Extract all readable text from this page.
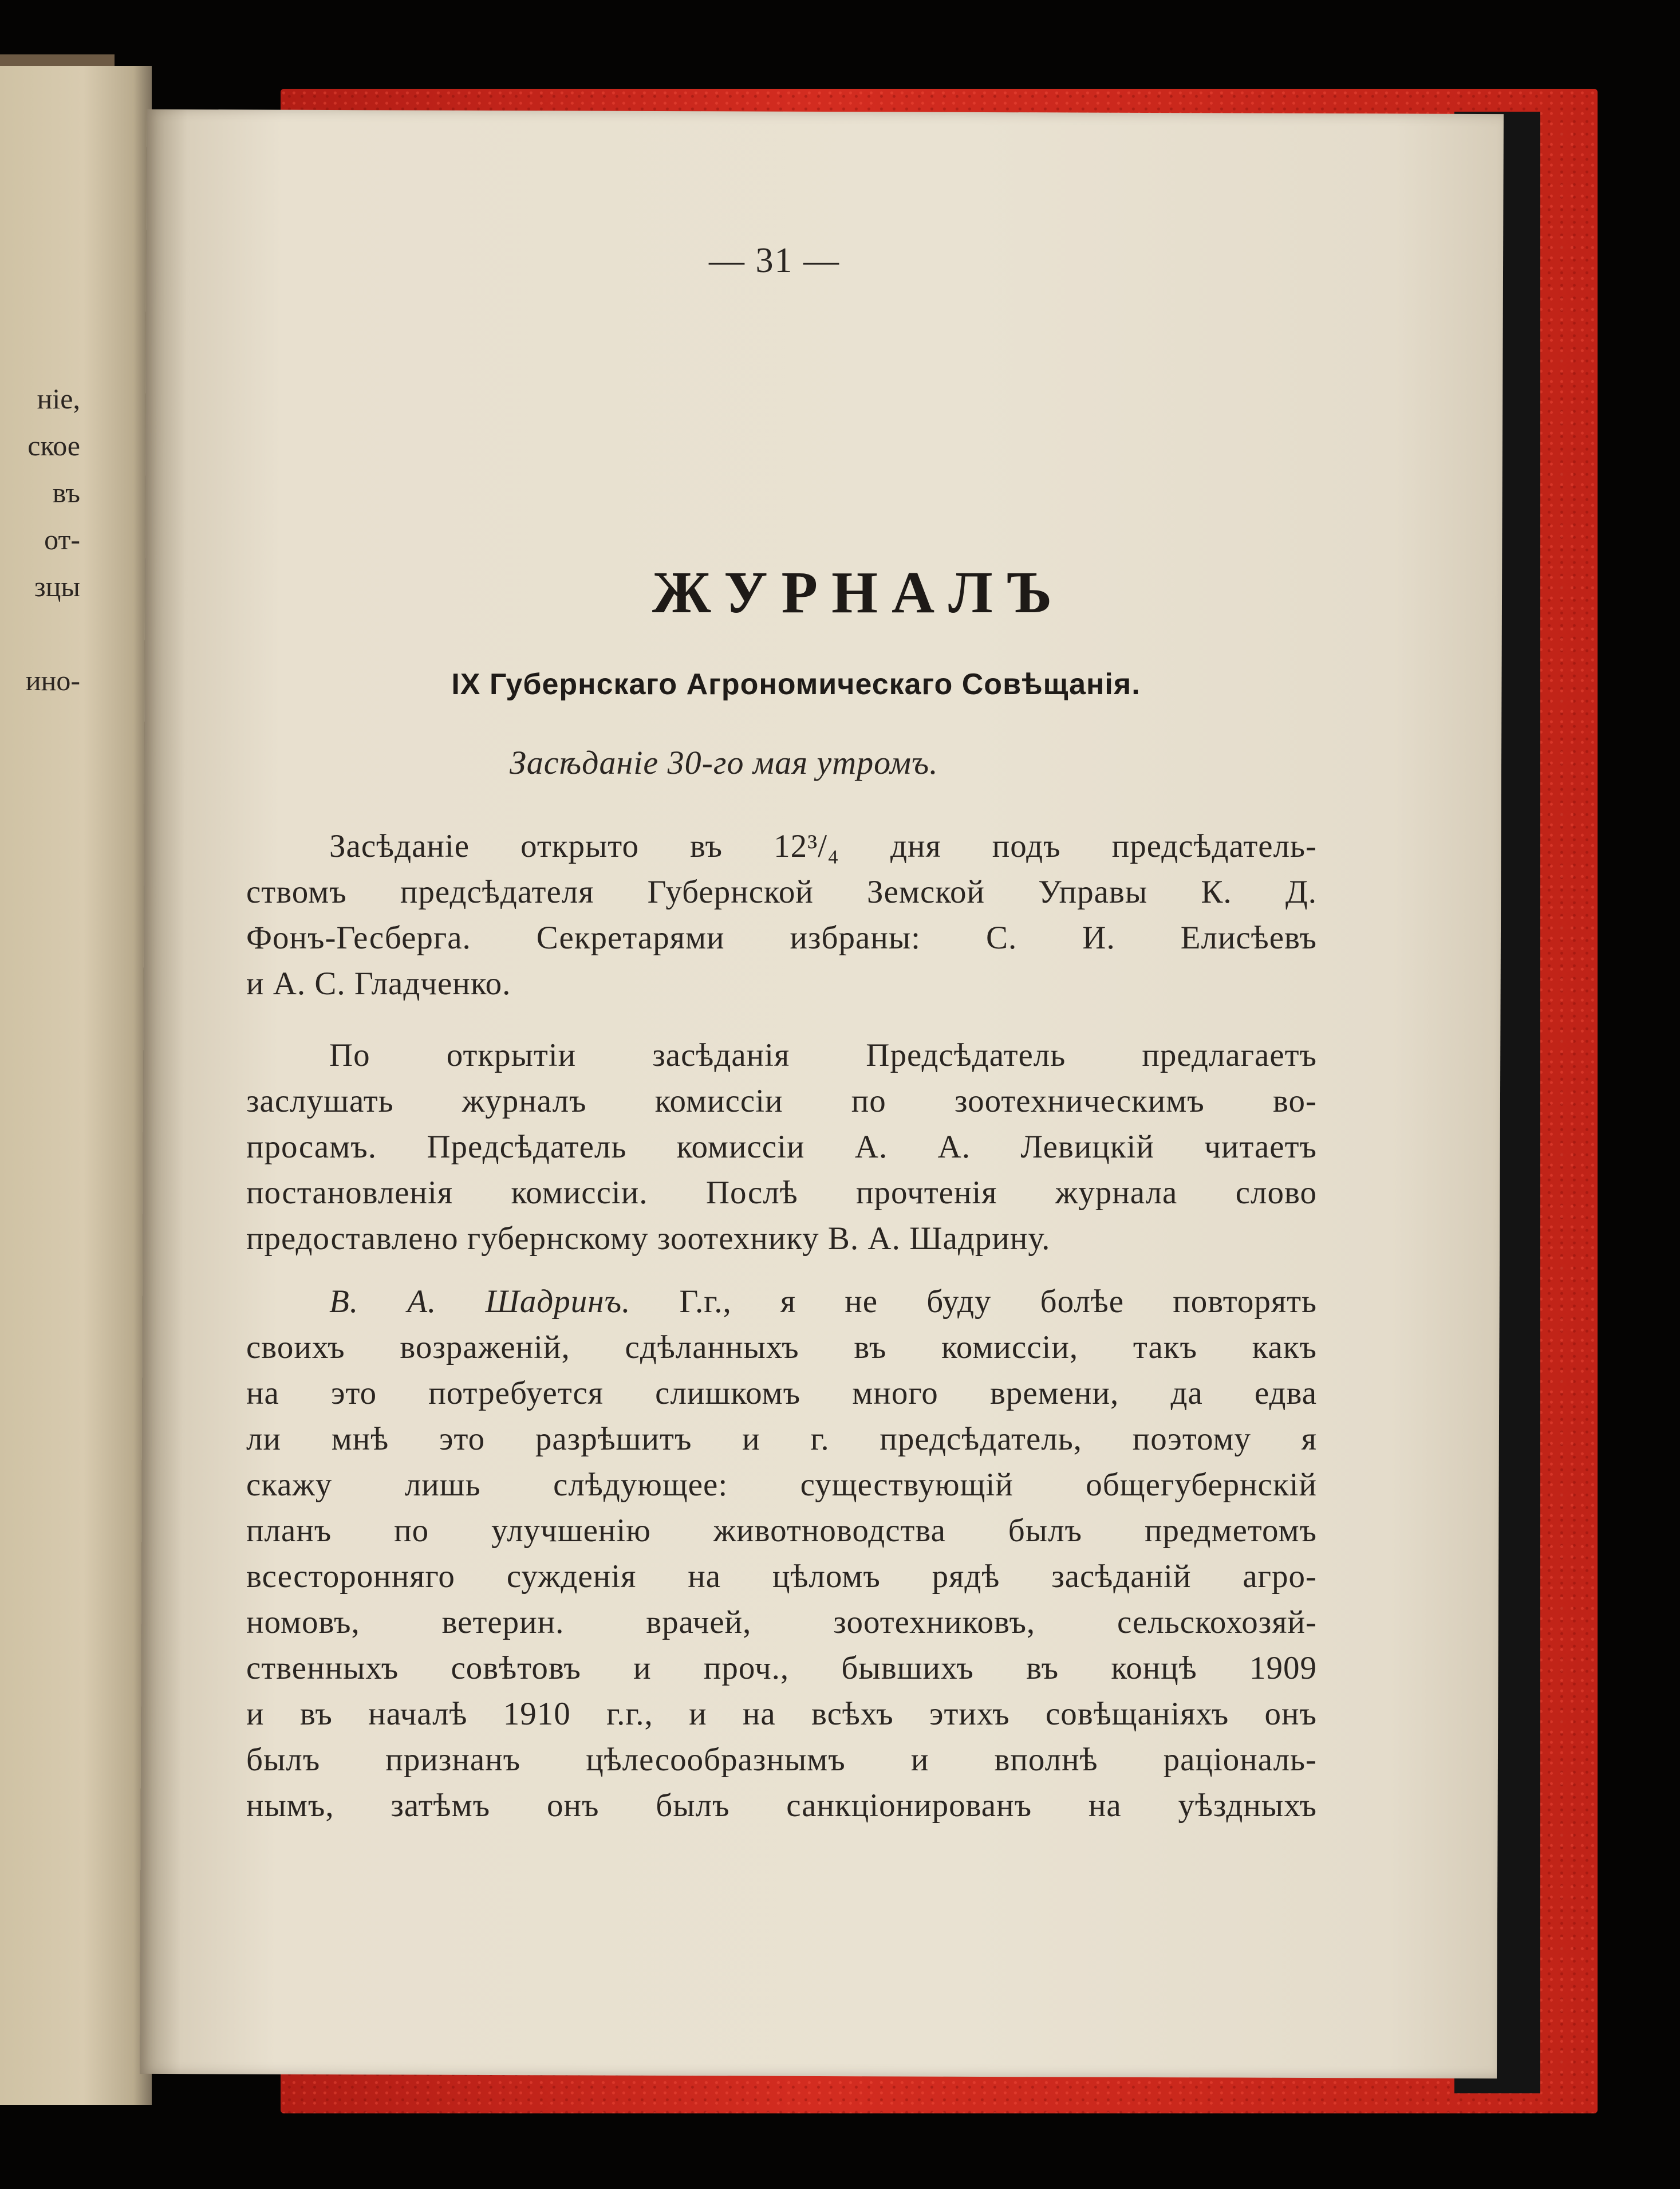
ніе,
ское
въ
от-
зцы
ино-
— 31 —
ЖУРНАЛЪ
IX Губернскаго Агрономическаго Совѣщанія.
Засѣданіе 30-го мая утромъ.
Засѣданіе открыто въ 12³/₄ дня подъ предсѣдатель-
ствомъ предсѣдателя Губернской Земской Управы К. Д.
Фонъ-Гесберга. Секретарями избраны: С. И. Елисѣевъ
и А. С. Гладченко.
По открытіи засѣданія Предсѣдатель предлагаетъ
заслушать журналъ комиссіи по зоотехническимъ во-
просамъ. Предсѣдатель комиссіи А. А. Левицкій читаетъ
постановленія комиссіи. Послѣ прочтенія журнала слово
предоставлено губернскому зоотехнику В. А. Шадрину.
В. А. Шадринъ. Г.г., я не буду болѣе повторять
своихъ возраженій, сдѣланныхъ въ комиссіи, такъ какъ
на это потребуется слишкомъ много времени, да едва
ли мнѣ это разрѣшитъ и г. предсѣдатель, поэтому я
скажу лишь слѣдующее: существующій общегубернскій
планъ по улучшенію животноводства былъ предметомъ
всесторонняго сужденія на цѣломъ рядѣ засѣданій агро-
номовъ, ветерин. врачей, зоотехниковъ, сельскохозяй-
ственныхъ совѣтовъ и проч., бывшихъ въ концѣ 1909
и въ началѣ 1910 г.г., и на всѣхъ этихъ совѣщаніяхъ онъ
былъ признанъ цѣлесообразнымъ и вполнѣ раціональ-
нымъ, затѣмъ онъ былъ санкціонированъ на уѣздныхъ
